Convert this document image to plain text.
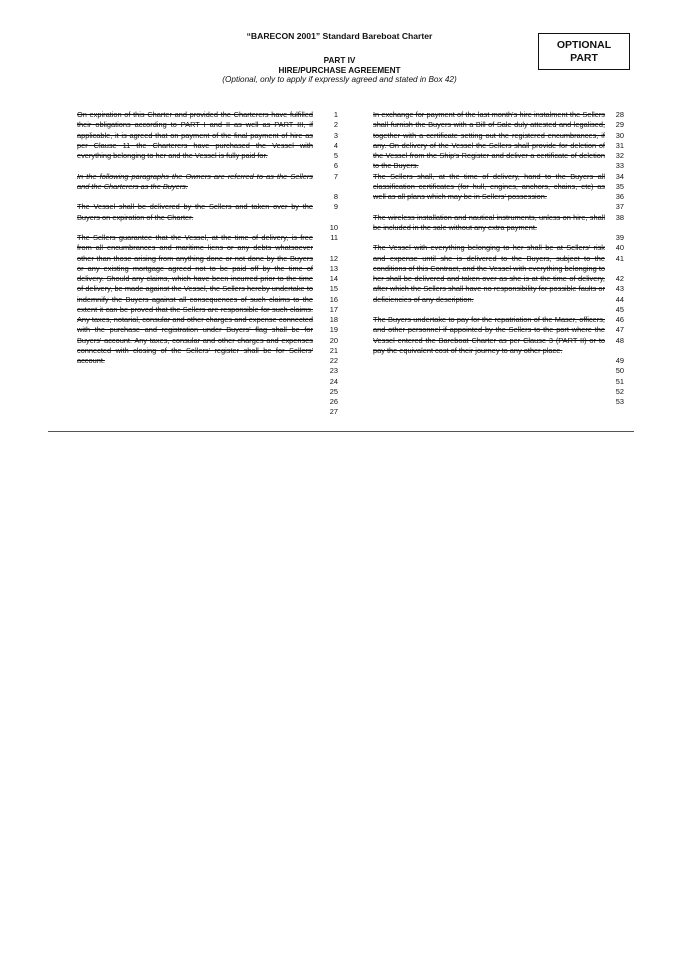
“BARECON 2001” Standard Bareboat Charter
OPTIONAL
PART
PART IV
HIRE/PURCHASE AGREEMENT
(Optional, only to apply if expressly agreed and stated in Box 42)

On expiration of this Charter and provided the Charterers have fulfilled their obligations according to PART I and II as well as PART III, if applicable, it is agreed that on payment of the final payment of hire as per Clause 11 the Charterers have purchased the Vessel with everything belonging to her and the Vessel is fully paid for.

In the following paragraphs the Owners are referred to as the Sellers and the Charterers as the Buyers.

The Vessel shall be delivered by the Sellers and taken over by the Buyers on expiration of the Charter.

The Sellers guarantee that the Vessel, at the time of delivery, is free from all encumbrances and maritime liens or any debts whatsoever other than those arising from anything done or not done by the Buyers or any existing mortgage agreed not to be paid off by the time of delivery. Should any claims, which have been incurred prior to the time of delivery, be made against the Vessel, the Sellers hereby undertake to indemnify the Buyers against all consequences of such claims to the extent it can be proved that the Sellers are responsible for such claims. Any taxes, notarial, consular and other charges and expense connected with the purchase and registration under Buyers' flag shall be for Buyers' account. Any taxes, consular and other charges and expenses connected with closing of the Sellers' register shall be for Sellers' account.

1
2
3
4
5
6
7
8
9
10
11
12
13
14
15
16
17
18
19
20
21
22
23
24
25
26
27

In exchange for payment of the last month's hire instalment the Sellers shall furnish the Buyers with a Bill of Sale duly attested and legalised, together with a certificate setting out the registered encumbrances, if any. On delivery of the Vessel the Sellers shall provide for deletion of the Vessel from the Ship's Register and deliver a certificate of deletion to the Buyers.

The Sellers shall, at the time of delivery, hand to the Buyers all classification certificates (for hull, engines, anchors, chains, etc) as well as all plans which may be in Sellers' possession.

The wireless installation and nautical instruments, unless on hire, shall be included in the sale without any extra payment.

The Vessel with everything belonging to her shall be at Sellers' risk and expense until she is delivered to the Buyers, subject to the conditions of this Contract, and the Vessel with everything belonging to her shall be delivered and taken over as she is at the time of delivery, after which the Sellers shall have no responsibility for possible faults or deficiencies of any description.

The Buyers undertake to pay for the repatriation of the Maser, officers, and other personnel if appointed by the Sellers to the port where the Vessel entered the Bareboat Charter as per Clause 3 (PART II) or to pay the equivalent cost of their journey to any other place.

28
29
30
31
32
33
34
35
36
37
38
39
40
41
42
43
44
45
46
47
48
49
50
51
52
53
